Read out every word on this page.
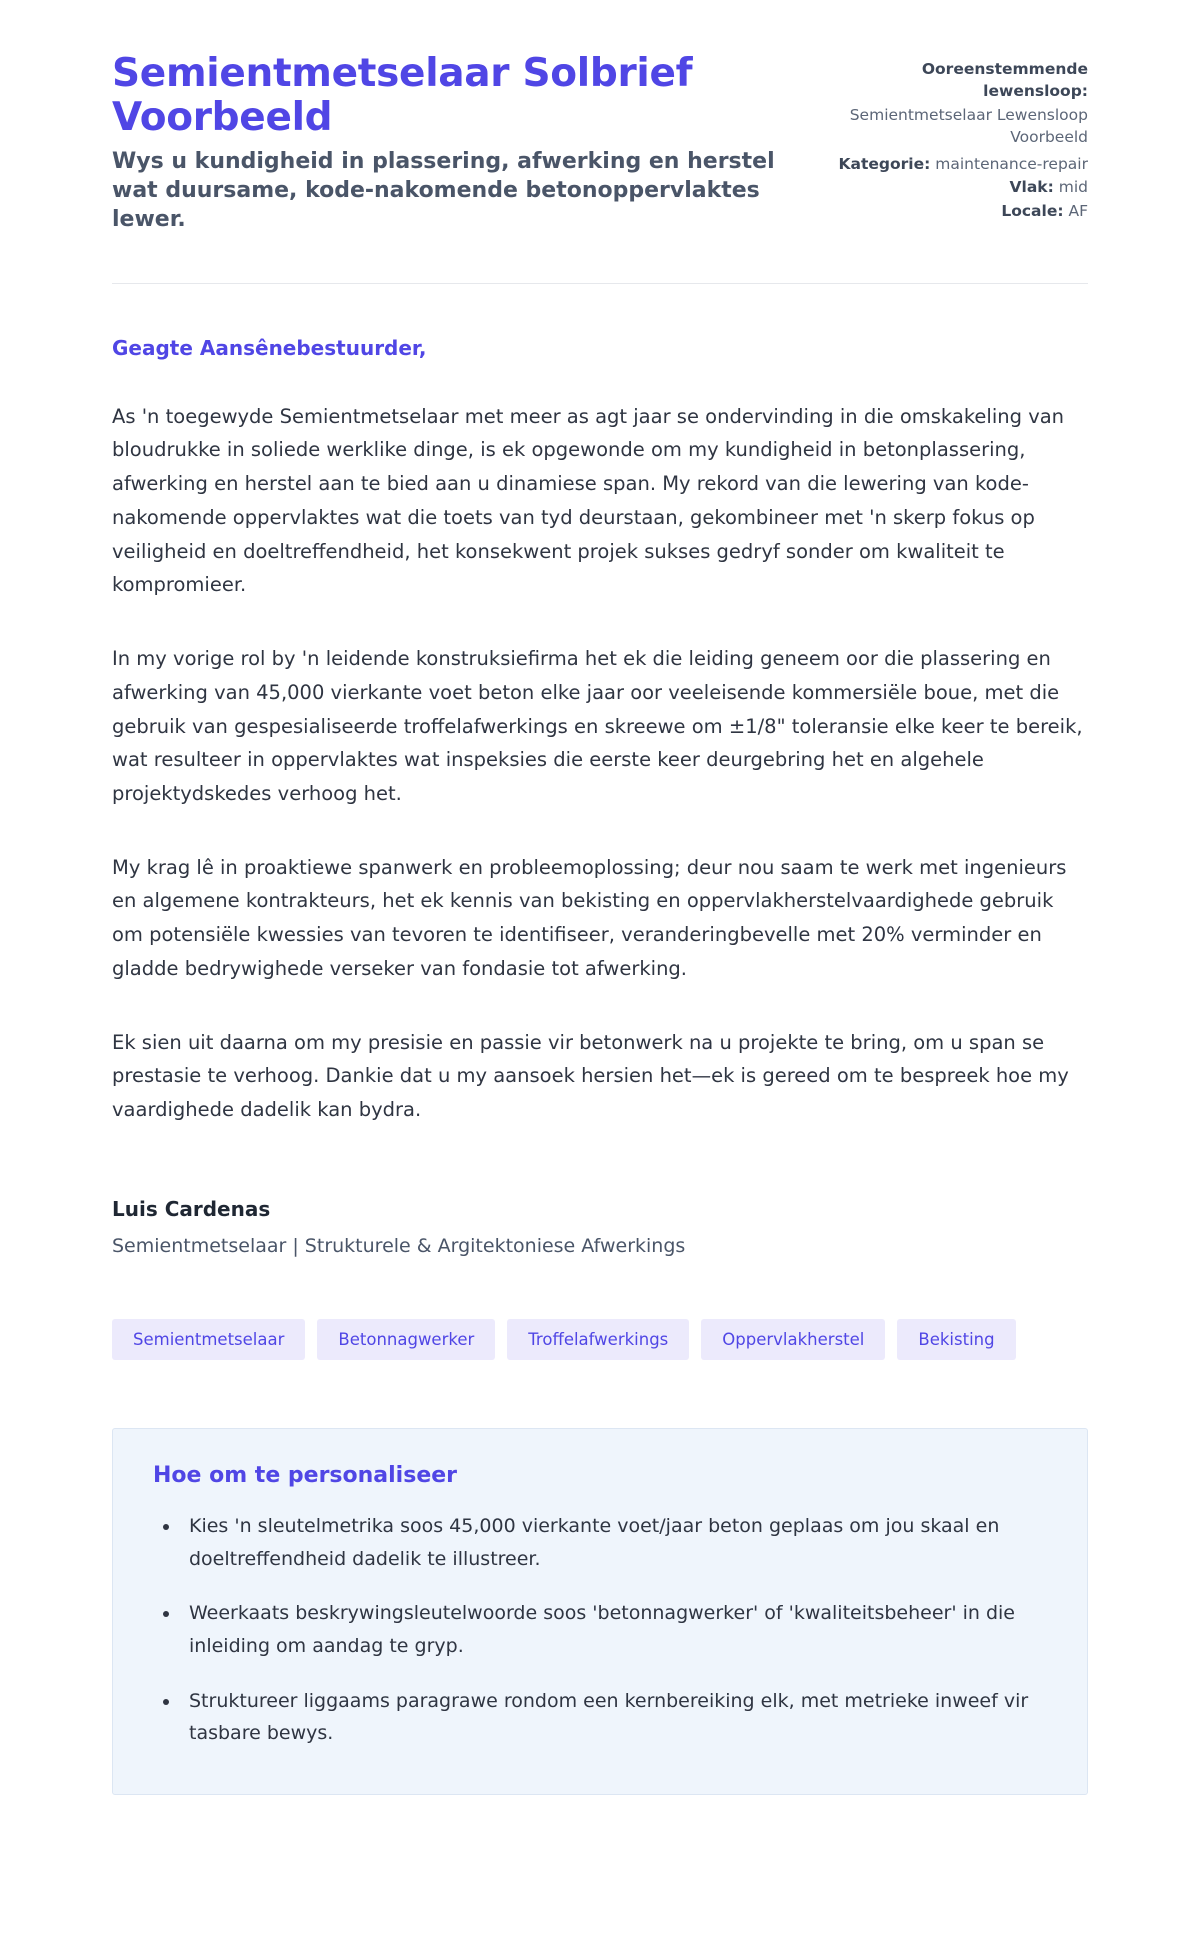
Semientmetselaar Solbrief Voorbeeld

Wys u kundigheid in plassering, afwerking en herstel wat duursame, kode-nakomende betonoppervlaktes lewer.

Ooreenstemmende lewensloop:
Semientmetselaar Lewensloop Voorbeeld
Kategorie: maintenance-repair
Vlak: mid
Locale: AF

Geagte Aansênebestuurder,

As 'n toegewyde Semientmetselaar met meer as agt jaar se ondervinding in die omskakeling van bloudrukke in soliede werklike dinge, is ek opgewonde om my kundigheid in betonplassering, afwerking en herstel aan te bied aan u dinamiese span. My rekord van die lewering van kode-nakomende oppervlaktes wat die toets van tyd deurstaan, gekombineer met 'n skerp fokus op veiligheid en doeltreffendheid, het konsekwent projek sukses gedryf sonder om kwaliteit te kompromieer.

In my vorige rol by 'n leidende konstruksiefirma het ek die leiding geneem oor die plassering en afwerking van 45,000 vierkante voet beton elke jaar oor veeleisende kommersiële boue, met die gebruik van gespesialiseerde troffelafwerkings en skreewe om ±1/8" toleransie elke keer te bereik, wat resulteer in oppervlaktes wat inspeksies die eerste keer deurgebring het en algehele projektydskedes verhoog het.

My krag lê in proaktiewe spanwerk en probleemoplossing; deur nou saam te werk met ingenieurs en algemene kontrakteurs, het ek kennis van bekisting en oppervlakherstelvaardighede gebruik om potensiële kwessies van tevoren te identifiseer, veranderingbevelle met 20% verminder en gladde bedrywighede verseker van fondasie tot afwerking.

Ek sien uit daarna om my presisie en passie vir betonwerk na u projekte te bring, om u span se prestasie te verhoog. Dankie dat u my aansoek hersien het—ek is gereed om te bespreek hoe my vaardighede dadelik kan bydra.

Luis Cardenas

Semientmetselaar | Strukturele & Argitektoniese Afwerkings

Semientmetselaar	Betonnagwerker	Troffelafwerkings	Oppervlakherstel	Bekisting
Hoe om te personaliseer
• Kies 'n sleutelmetrika soos 45,000 vierkante voet/jaar beton geplaas om jou skaal en doeltreffendheid dadelik te illustreer.
• Weerkaats beskrywingsleutelwoorde soos 'betonnagwerker' of 'kwaliteitsbeheer' in die inleiding om aandag te gryp.
• Struktureer liggaams paragrawe rondom een kernbereiking elk, met metrieke inweef vir tasbare bewys.
